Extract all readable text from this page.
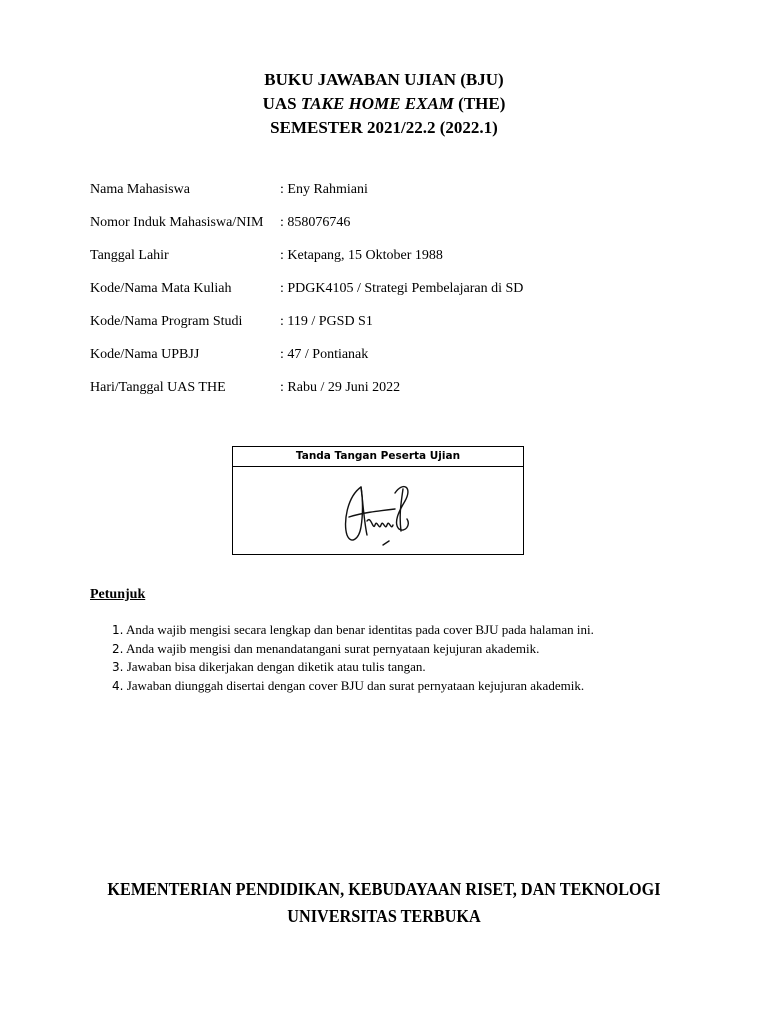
BUKU JAWABAN UJIAN (BJU)
UAS TAKE HOME EXAM (THE)
SEMESTER 2021/22.2 (2022.1)
Nama Mahasiswa	: Eny Rahmiani
Nomor Induk Mahasiswa/NIM : 858076746
Tanggal Lahir	: Ketapang, 15 Oktober 1988
Kode/Nama Mata Kuliah	: PDGK4105 / Strategi Pembelajaran di SD
Kode/Nama Program Studi	: 119 / PGSD S1
Kode/Nama UPBJJ	: 47 / Pontianak
Hari/Tanggal UAS THE	: Rabu / 29 Juni 2022
Tanda Tangan Peserta Ujian
Petunjuk
1. Anda wajib mengisi secara lengkap dan benar identitas pada cover BJU pada halaman ini.
2. Anda wajib mengisi dan menandatangani surat pernyataan kejujuran akademik.
3. Jawaban bisa dikerjakan dengan diketik atau tulis tangan.
4. Jawaban diunggah disertai dengan cover BJU dan surat pernyataan kejujuran akademik.
KEMENTERIAN PENDIDIKAN, KEBUDAYAAN RISET, DAN TEKNOLOGI
UNIVERSITAS TERBUKA
